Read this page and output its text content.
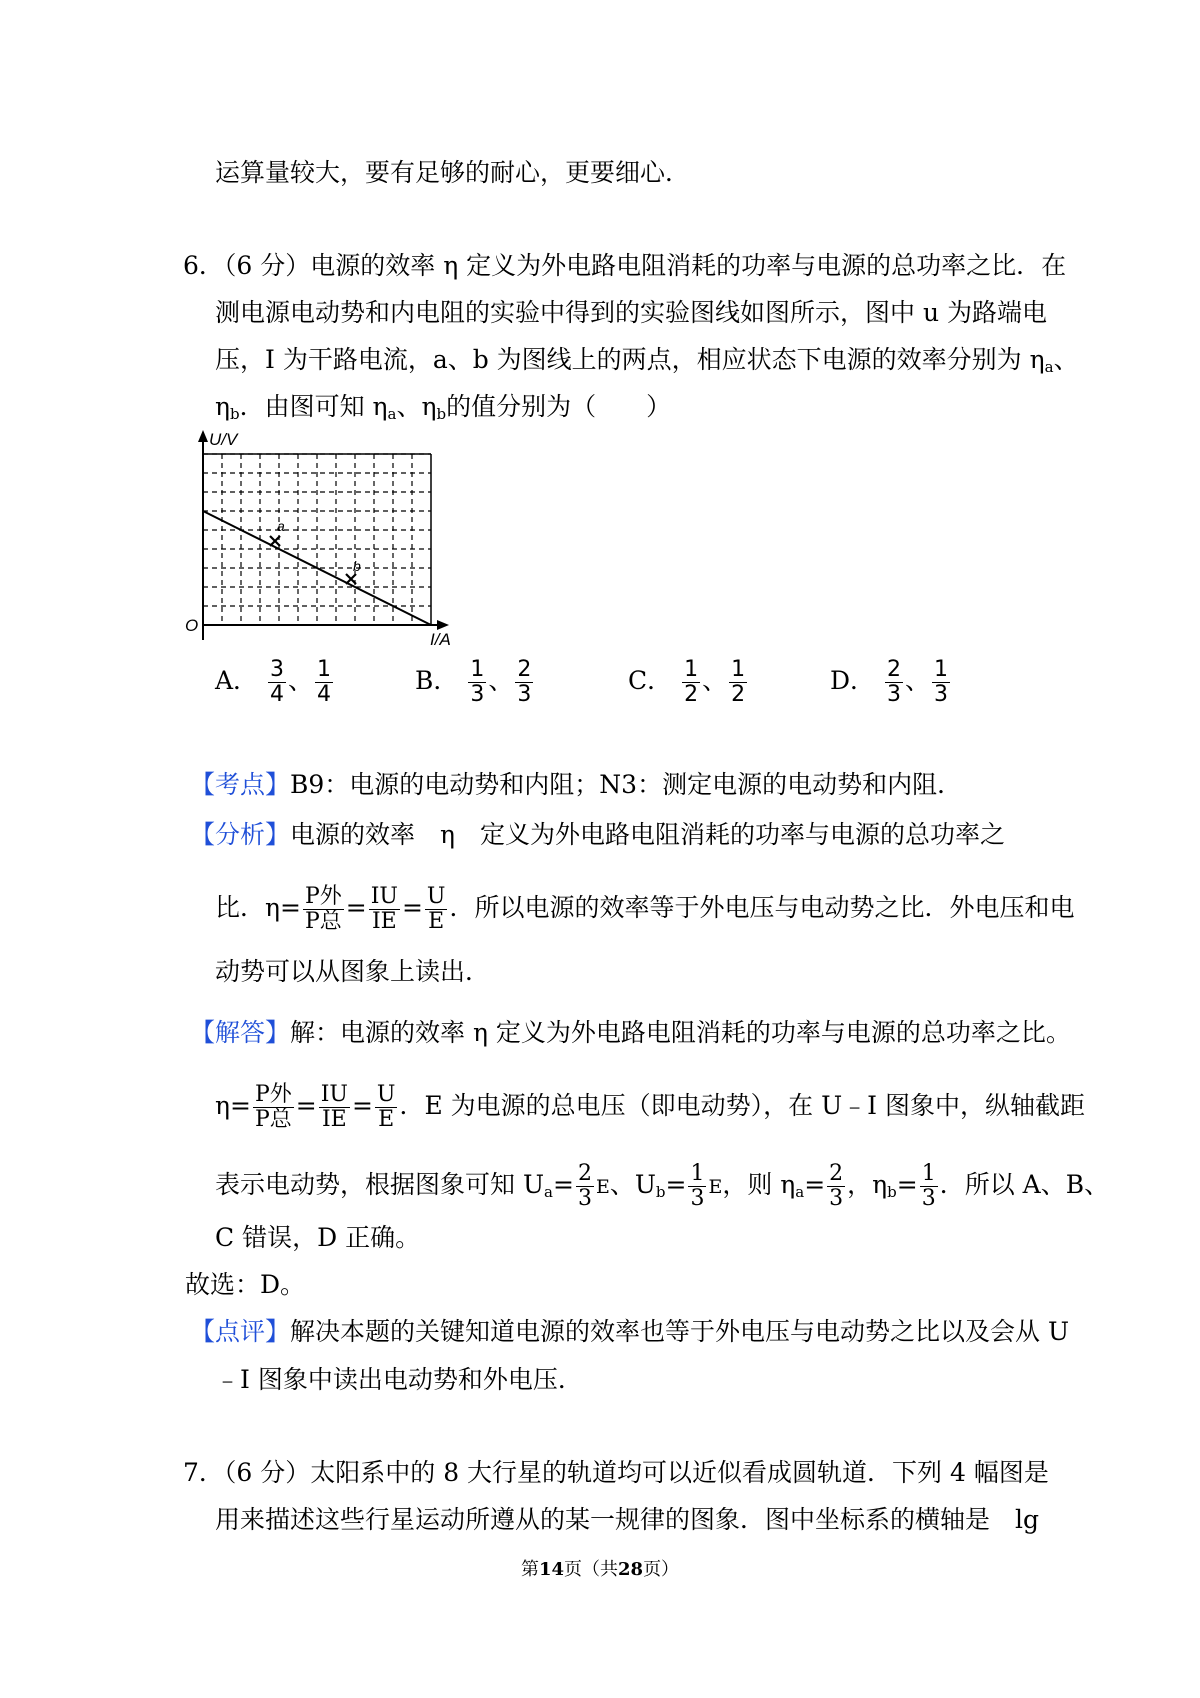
运算量较大，要有足够的耐心，更要细心．
6．（6 分）电源的效率 η 定义为外电路电阻消耗的功率与电源的总功率之比．在
测电源电动势和内电阻的实验中得到的实验图线如图所示，图中 u 为路端电
压，I 为干路电流，a、b 为图线上的两点，相应状态下电源的效率分别为 $\eta_a$、
$\eta_b$．由图可知 $\eta_a$、$\eta_b$的值分别为（　　）
a
b
U/V
I/A
O
A． $\frac{3}{4}$ 、 $\frac{1}{4}$	B． $\frac{1}{3}$ 、 $\frac{2}{3}$	C． $\frac{1}{2}$ 、 $\frac{1}{2}$	D． $\frac{2}{3}$ 、 $\frac{1}{3}$
【考点】B9：电源的电动势和内阻；N3：测定电源的电动势和内阻．
【分析】电源的效率　η　定义为外电路电阻消耗的功率与电源的总功率之
比．$\eta= \frac{\text{P外}}{\text{P总}} = \frac{IU}{IE} = \frac{U}{E}$ ．所以电源的效率等于外电压与电动势之比．外电压和电
动势可以从图象上读出．
【解答】解：电源的效率 η 定义为外电路电阻消耗的功率与电源的总功率之比。
$\eta= \frac{\text{P外}}{\text{P总}} = \frac{IU}{IE} = \frac{U}{E}$ ．E 为电源的总电压（即电动势），在 U﹣I 图象中，纵轴截距
表示电动势，根据图象可知 $U_a= \frac{2}{3}$ E、$U_b= \frac{1}{3}$ E，则 $\eta_a= \frac{2}{3}$ ，$\eta_b= \frac{1}{3}$ ．所以 A、B、
C 错误，D 正确。
故选：D。
【点评】解决本题的关键知道电源的效率也等于外电压与电动势之比以及会从 U
﹣I 图象中读出电动势和外电压．
7．（6 分）太阳系中的 8 大行星的轨道均可以近似看成圆轨道．下列 4 幅图是
用来描述这些行星运动所遵从的某一规律的图象．图中坐标系的横轴是　lg
第14页（共28页）
